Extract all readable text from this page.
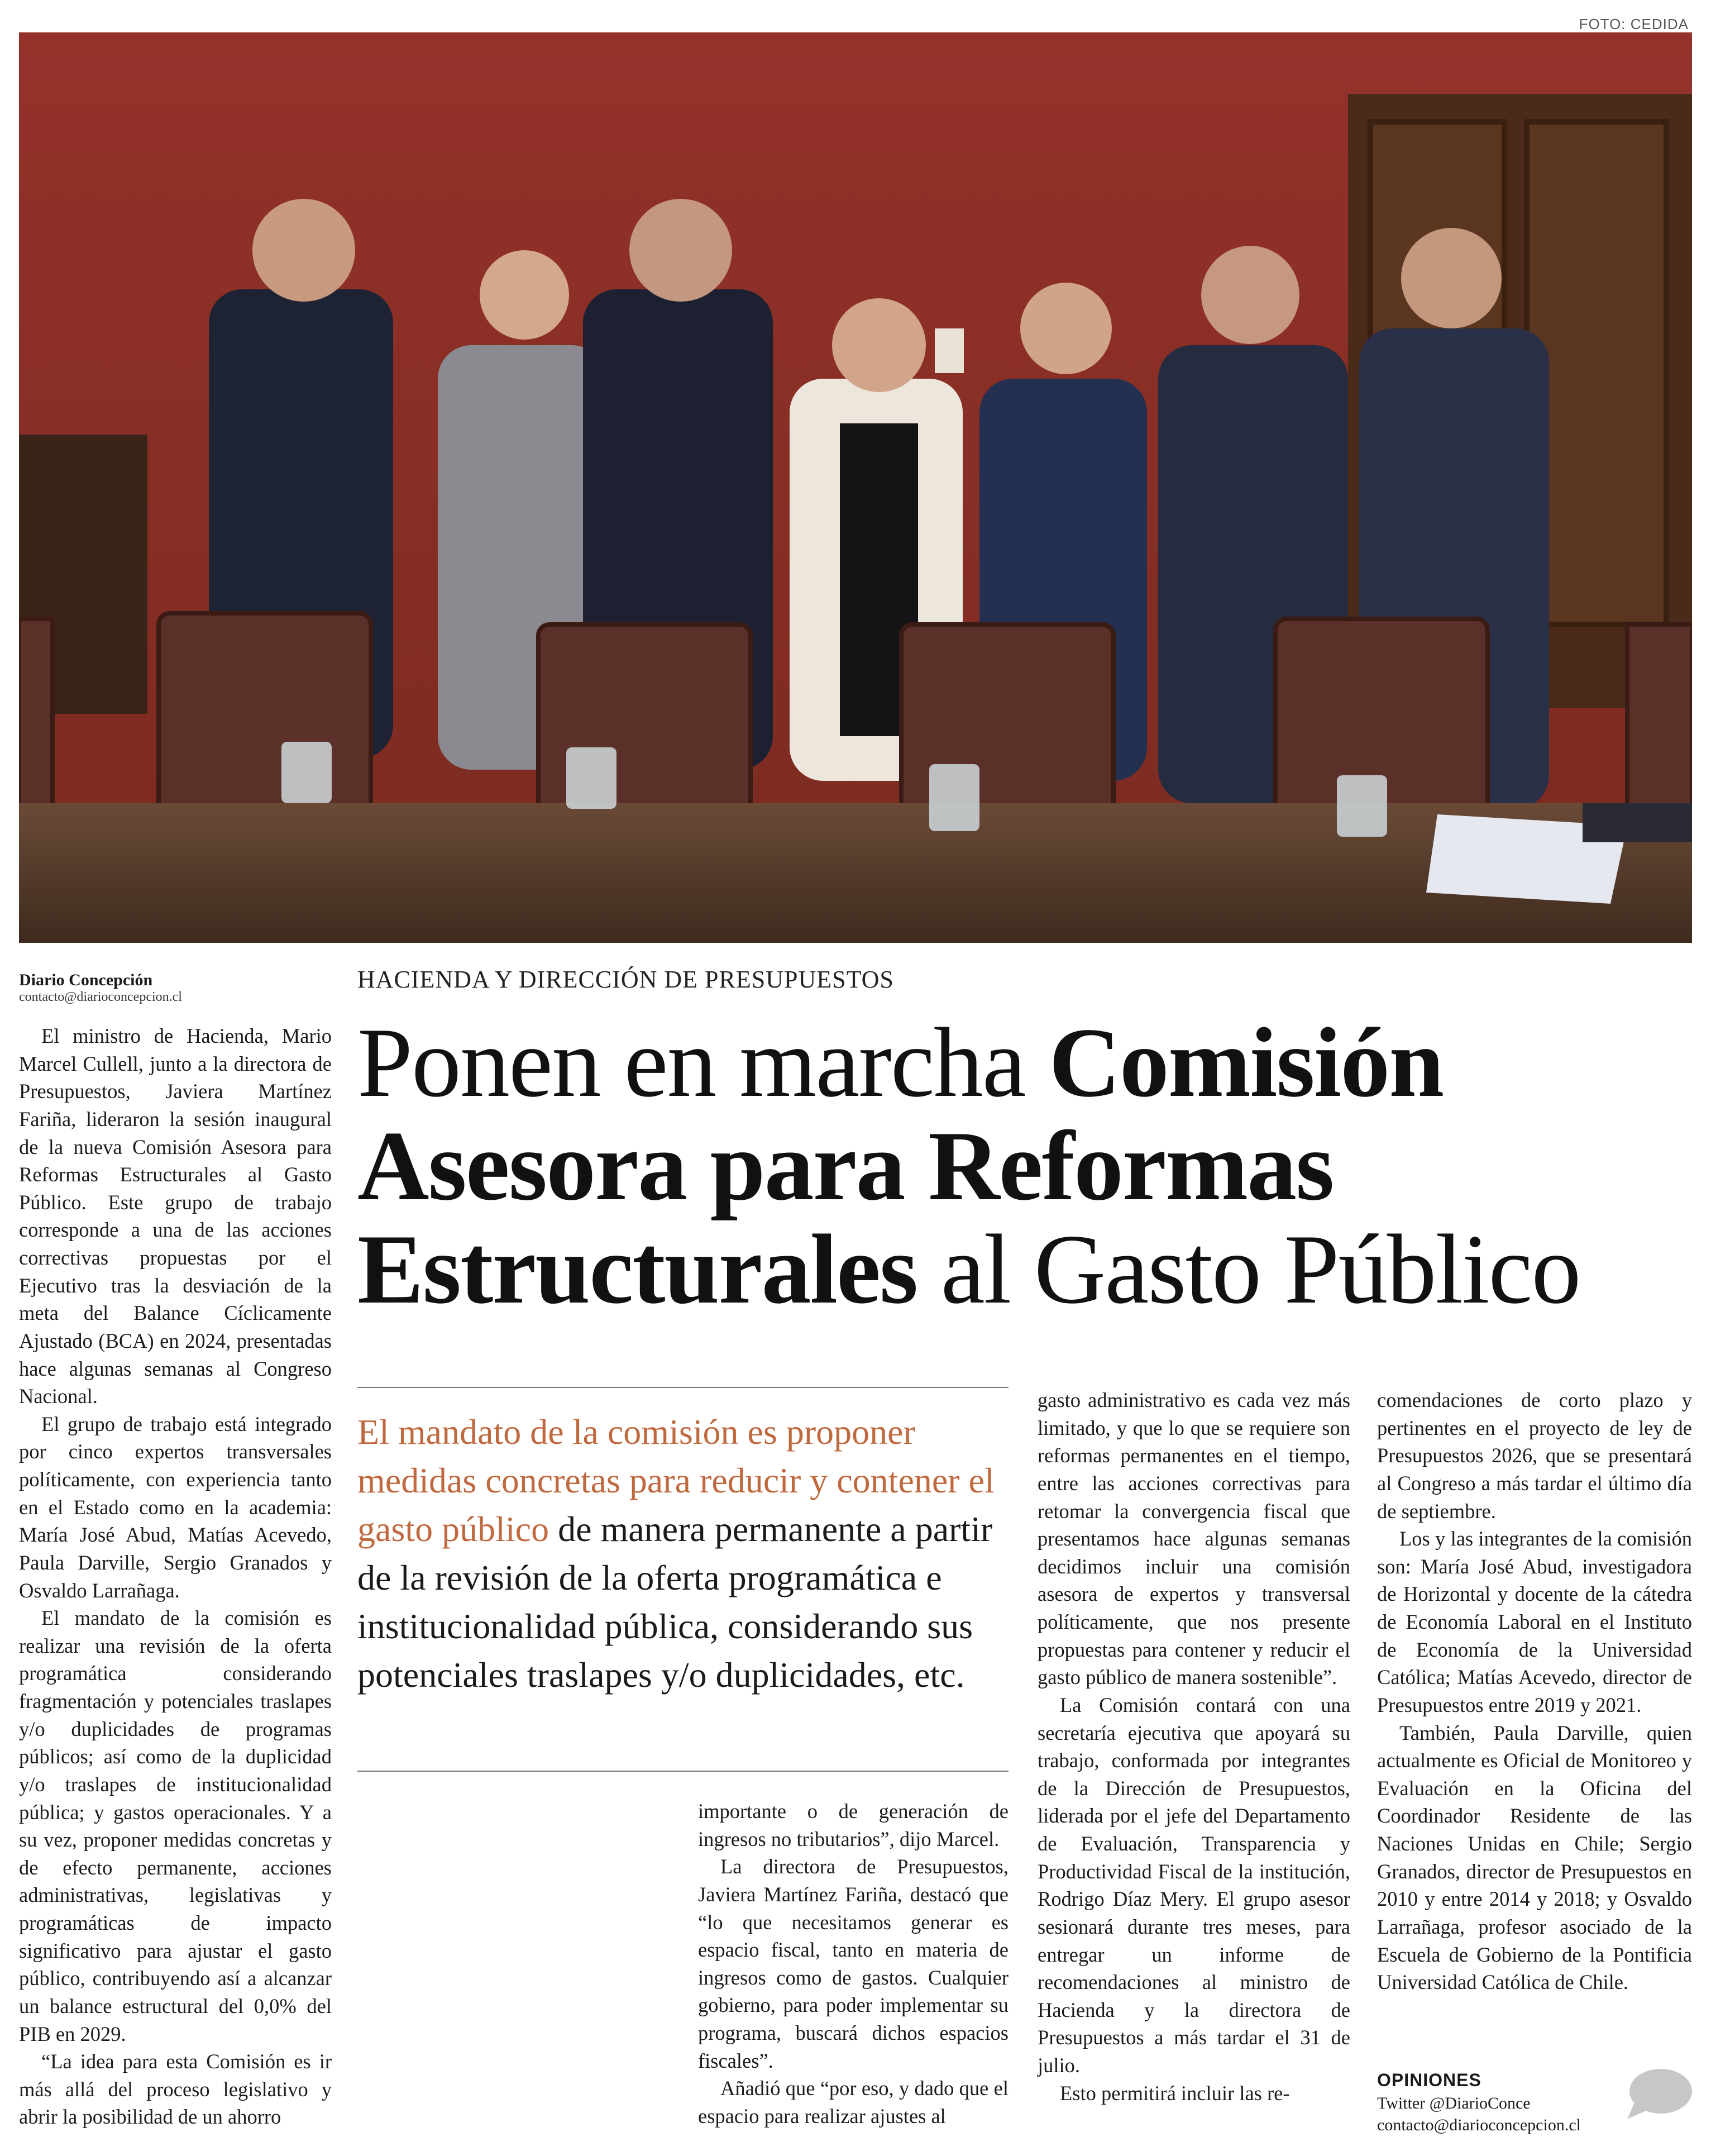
FOTO: CEDIDA
Diario Concepción
contacto@diarioconcepcion.cl
HACIENDA Y DIRECCIÓN DE PRESUPUESTOS
Ponen en marcha Comisión Asesora para Reformas Estructurales al Gasto Público
El mandato de la comisión es proponer medidas concretas para reducir y contener el gasto público de manera permanente a partir de la revisión de la oferta programática e institucionalidad pública, considerando sus potenciales traslapes y/o duplicidades, etc.

El ministro de Hacienda, Mario Marcel Cullell, junto a la directora de Presupuestos, Javiera Martínez Fariña, lideraron la sesión inaugural de la nueva Comisión Asesora para Reformas Estructurales al Gasto Público. Este grupo de trabajo corresponde a una de las acciones correctivas propuestas por el Ejecutivo tras la desviación de la meta del Balance Cíclicamente Ajustado (BCA) en 2024, presentadas hace algunas semanas al Congreso Nacional.

El grupo de trabajo está integrado por cinco expertos transversales políticamente, con experiencia tanto en el Estado como en la academia: María José Abud, Matías Acevedo, Paula Darville, Sergio Granados y Osvaldo Larrañaga.

El mandato de la comisión es realizar una revisión de la oferta programática considerando fragmentación y potenciales traslapes y/o duplicidades de programas públicos; así como de la duplicidad y/o traslapes de institucionalidad pública; y gastos operacionales. Y a su vez, proponer medidas concretas y de efecto permanente, acciones administrativas, legislativas y programáticas de impacto significativo para ajustar el gasto público, contribuyendo así a alcanzar un balance estructural del 0,0% del PIB en 2029.

“La idea para esta Comisión es ir más allá del proceso legislativo y abrir la posibilidad de un ahorro

importante o de generación de ingresos no tributarios”, dijo Marcel.

La directora de Presupuestos, Javiera Martínez Fariña, destacó que “lo que necesitamos generar es espacio fiscal, tanto en materia de ingresos como de gastos. Cualquier gobierno, para poder implementar su programa, buscará dichos espacios fiscales”.

Añadió que “por eso, y dado que el espacio para realizar ajustes al

gasto administrativo es cada vez más limitado, y que lo que se requiere son reformas permanentes en el tiempo, entre las acciones correctivas para retomar la convergencia fiscal que presentamos hace algunas semanas decidimos incluir una comisión asesora de expertos y transversal políticamente, que nos presente propuestas para contener y reducir el gasto público de manera sostenible”.

La Comisión contará con una secretaría ejecutiva que apoyará su trabajo, conformada por integrantes de la Dirección de Presupuestos, liderada por el jefe del Departamento de Evaluación, Transparencia y Productividad Fiscal de la institución, Rodrigo Díaz Mery. El grupo asesor sesionará durante tres meses, para entregar un informe de recomendaciones al ministro de Hacienda y la directora de Presupuestos a más tardar el 31 de julio.

Esto permitirá incluir las re-

comendaciones de corto plazo y pertinentes en el proyecto de ley de Presupuestos 2026, que se presentará al Congreso a más tardar el último día de septiembre.

Los y las integrantes de la comisión son: María José Abud, investigadora de Horizontal y docente de la cátedra de Economía Laboral en el Instituto de Economía de la Universidad Católica; Matías Acevedo, director de Presupuestos entre 2019 y 2021.

También, Paula Darville, quien actualmente es Oficial de Monitoreo y Evaluación en la Oficina del Coordinador Residente de las Naciones Unidas en Chile; Sergio Granados, director de Presupuestos en 2010 y entre 2014 y 2018; y Osvaldo Larrañaga, profesor asociado de la Escuela de Gobierno de la Pontificia Universidad Católica de Chile.

OPINIONES
Twitter @DiarioConce
contacto@diarioconcepcion.cl
